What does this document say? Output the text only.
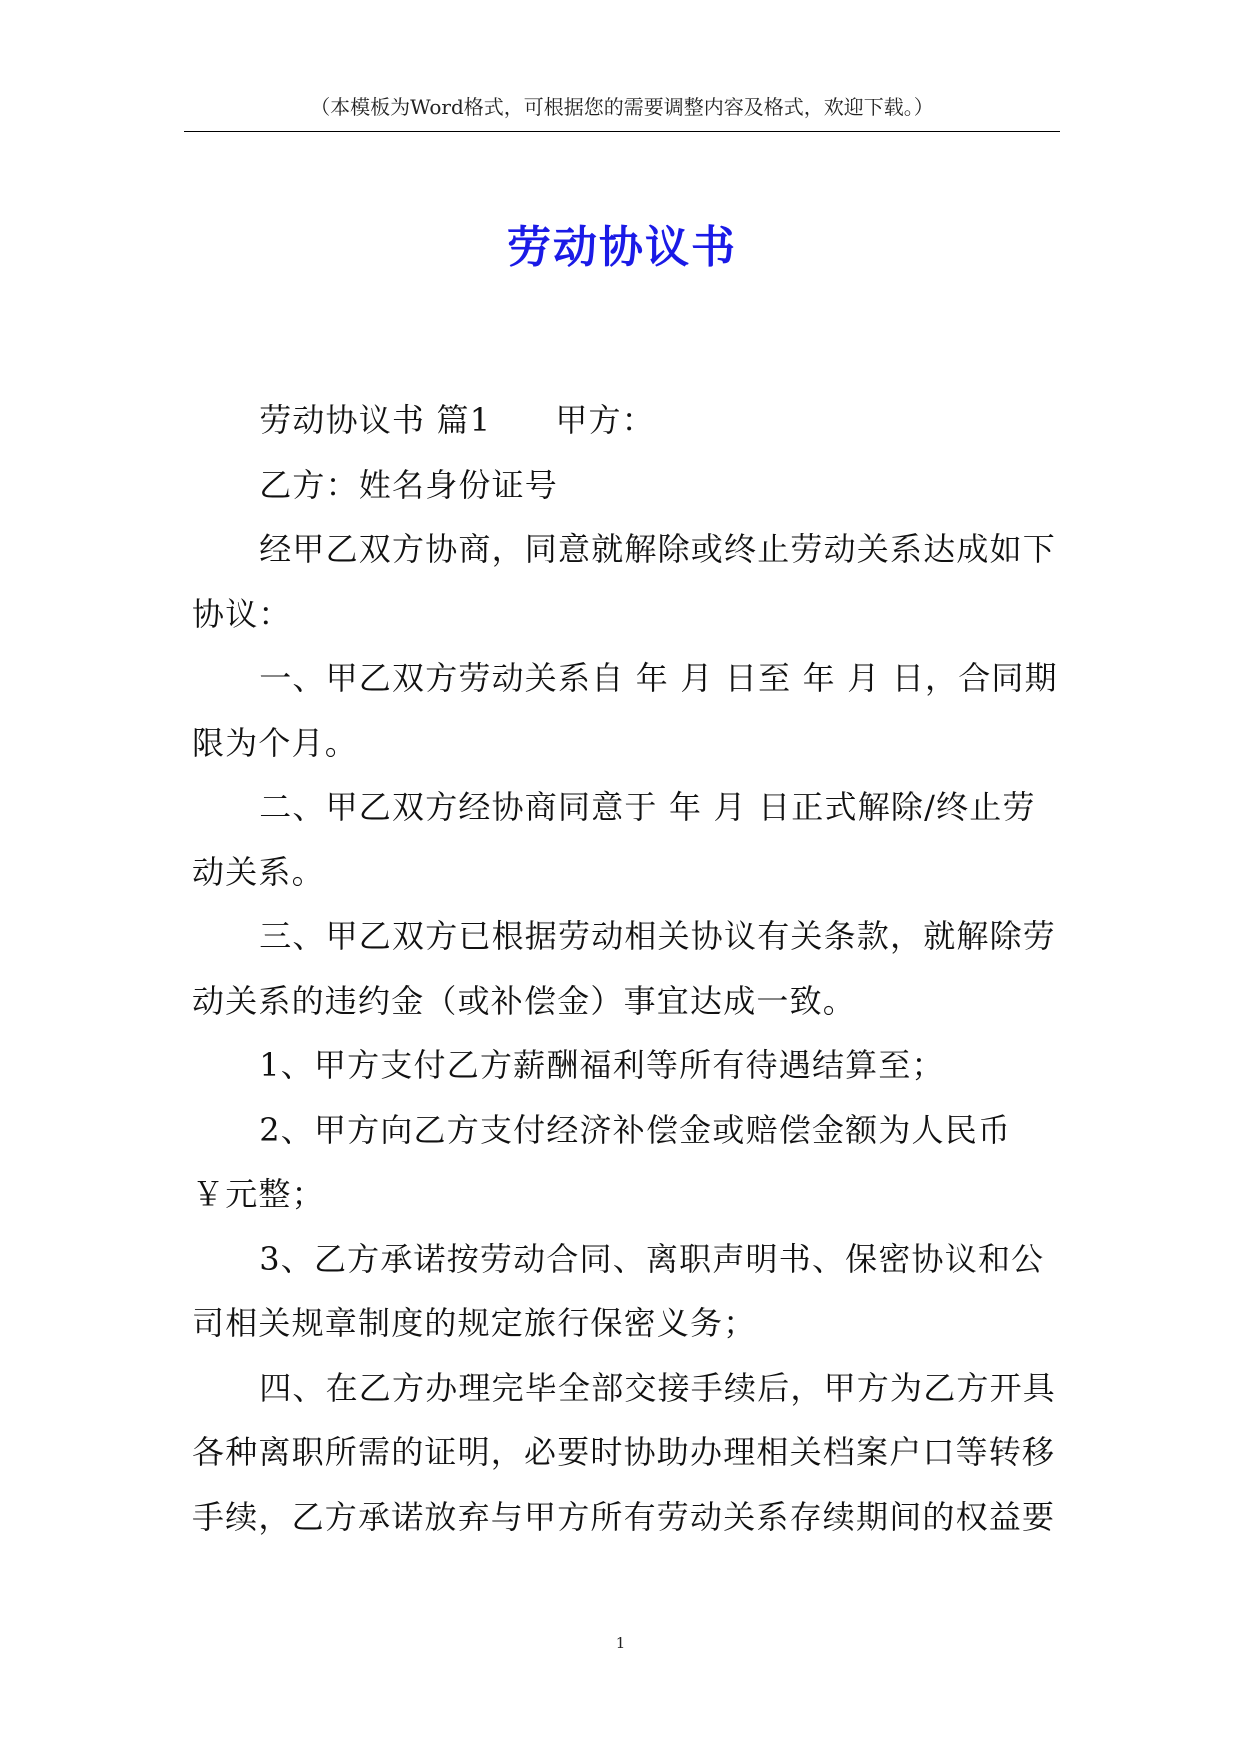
（本模板为Word格式，可根据您的需要调整内容及格式，欢迎下载。）
劳动协议书

劳动协议书 篇1 甲方：

乙方：姓名身份证号

经甲乙双方协商，同意就解除或终止劳动关系达成如下协议：

一、甲乙双方劳动关系自 年 月 日至 年 月 日，合同期限为个月。

二、甲乙双方经协商同意于 年 月 日正式解除/终止劳动关系。

三、甲乙双方已根据劳动相关协议有关条款，就解除劳动关系的违约金（或补偿金）事宜达成一致。

1、甲方支付乙方薪酬福利等所有待遇结算至；

2、甲方向乙方支付经济补偿金或赔偿金额为人民币￥元整；

3、乙方承诺按劳动合同、离职声明书、保密协议和公司相关规章制度的规定旅行保密义务；

四、在乙方办理完毕全部交接手续后，甲方为乙方开具各种离职所需的证明，必要时协助办理相关档案户口等转移手续，乙方承诺放弃与甲方所有劳动关系存续期间的权益要

1
